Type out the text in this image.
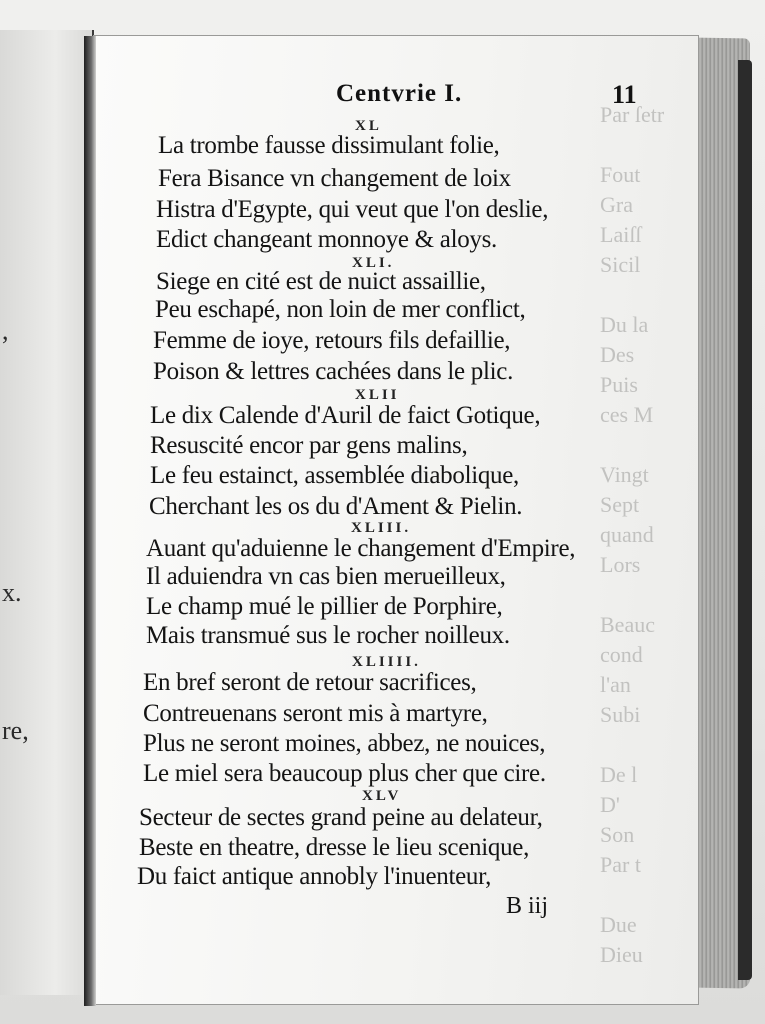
,
x.
re,
Par ſetr
Fout
Gra
Laiſſ
Sicil
Du la
Des
Puis
ces M
Vingt
Sept
quand
Lors
Beauc
cond
l'an
Subi
De l
D'
Son
Par t
Due
Dieu
Centvrie I.	11
XL
La trombe fausse dissimulant folie,
Fera Bisance vn changement de loix
Histra d'Egypte, qui veut que l'on deslie,
Edict changeant monnoye & aloys.
XLI.
Siege en cité est de nuict assaillie,
Peu eschapé, non loin de mer conflict,
Femme de ioye, retours fils defaillie,
Poison & lettres cachées dans le plic.
XLII
Le dix Calende d'Auril de faict Gotique,
Resuscité encor par gens malins,
Le feu estainct, assemblée diabolique,
Cherchant les os du d'Ament & Pielin.
XLIII.
Auant qu'aduienne le changement d'Empire,
Il aduiendra vn cas bien merueilleux,
Le champ mué le pillier de Porphire,
Mais transmué sus le rocher noilleux.
XLIIII.
En bref seront de retour sacrifices,
Contreuenans seront mis à martyre,
Plus ne seront moines, abbez, ne nouices,
Le miel sera beaucoup plus cher que cire.
XLV
Secteur de sectes grand peine au delateur,
Beste en theatre, dresse le lieu scenique,
Du faict antique annobly l'inuenteur,
B iij
